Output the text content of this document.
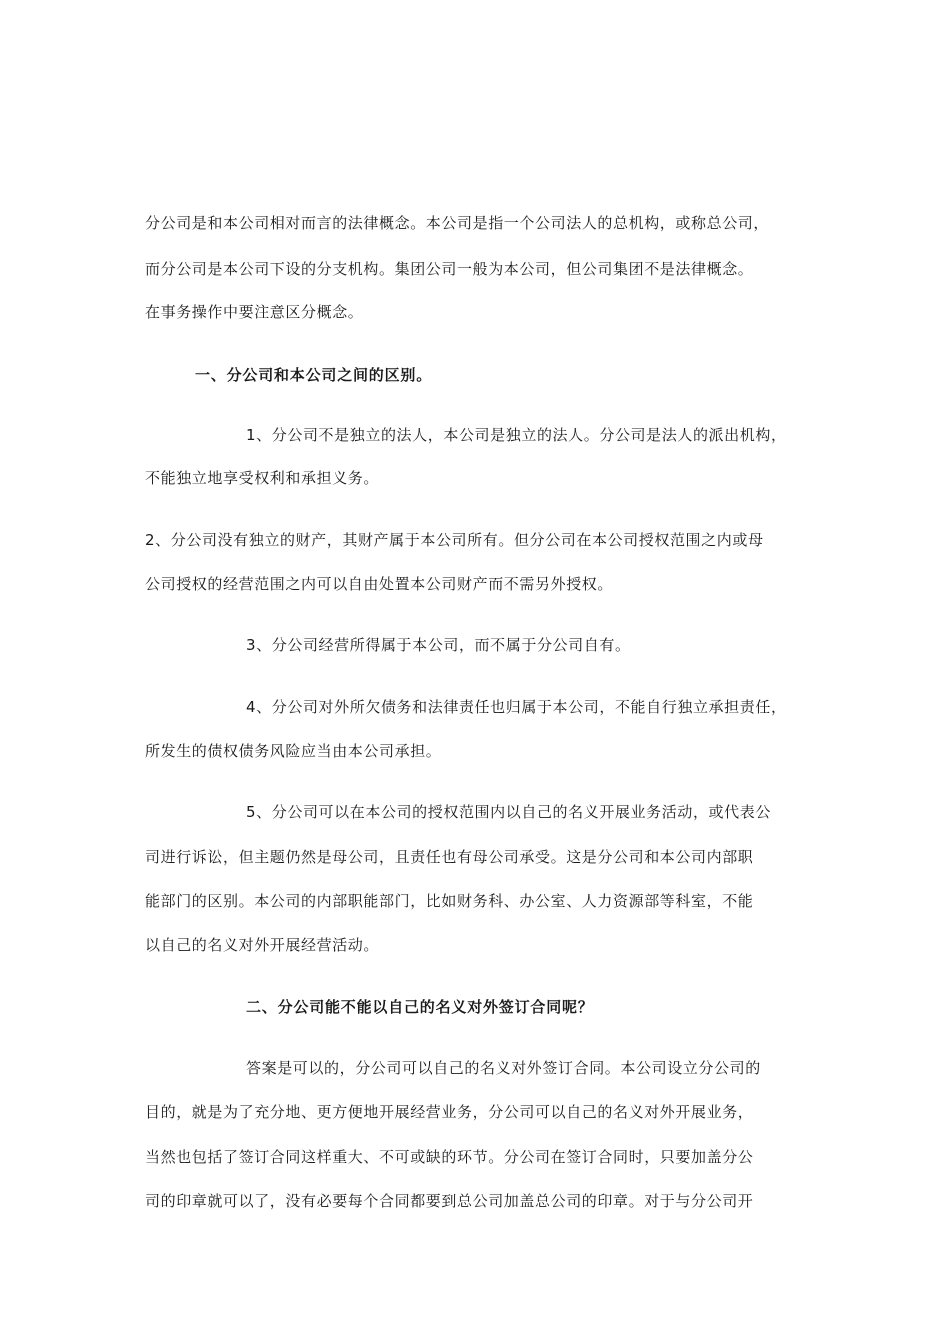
分公司是和本公司相对而言的法律概念。本公司是指一个公司法人的总机构，或称总公司，
而分公司是本公司下设的分支机构。集团公司一般为本公司，但公司集团不是法律概念。
在事务操作中要注意区分概念。
一、分公司和本公司之间的区别。
1、分公司不是独立的法人，本公司是独立的法人。分公司是法人的派出机构，
不能独立地享受权利和承担义务。
2、分公司没有独立的财产，其财产属于本公司所有。但分公司在本公司授权范围之内或母
公司授权的经营范围之内可以自由处置本公司财产而不需另外授权。
3、分公司经营所得属于本公司，而不属于分公司自有。
4、分公司对外所欠债务和法律责任也归属于本公司，不能自行独立承担责任，
所发生的债权债务风险应当由本公司承担。
5、分公司可以在本公司的授权范围内以自己的名义开展业务活动，或代表公
司进行诉讼，但主题仍然是母公司，且责任也有母公司承受。这是分公司和本公司内部职
能部门的区别。本公司的内部职能部门，比如财务科、办公室、人力资源部等科室，不能
以自己的名义对外开展经营活动。
二、分公司能不能以自己的名义对外签订合同呢？
答案是可以的，分公司可以自己的名义对外签订合同。本公司设立分公司的
目的，就是为了充分地、更方便地开展经营业务，分公司可以自己的名义对外开展业务，
当然也包括了签订合同这样重大、不可或缺的环节。分公司在签订合同时，只要加盖分公
司的印章就可以了，没有必要每个合同都要到总公司加盖总公司的印章。对于与分公司开
